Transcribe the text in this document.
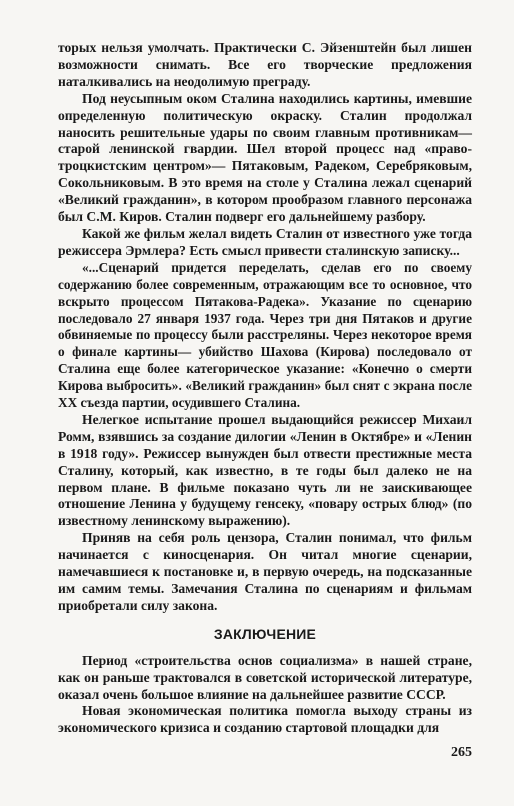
торых нельзя умолчать. Практически С. Эйзенштейн был лишен возможности снимать. Все его творческие предложения наталкивались на неодолимую преграду.

Под неусыпным оком Сталина находились картины, имевшие определенную политическую окраску. Сталин продолжал наносить решительные удары по своим главным противникам— старой ленинской гвардии. Шел второй процесс над «право-троцкистским центром»— Пятаковым, Радеком, Серебряковым, Сокольниковым. В это время на столе у Сталина лежал сценарий «Великий гражданин», в котором прообразом главного персонажа был С.М. Киров. Сталин подверг его дальнейшему разбору.

Какой же фильм желал видеть Сталин от известного уже тогда режиссера Эрмлера? Есть смысл привести сталинскую записку...

«...Сценарий придется переделать, сделав его по своему содержанию более современным, отражающим все то основное, что вскрыто процессом Пятакова-Радека». Указание по сценарию последовало 27 января 1937 года. Через три дня Пятаков и другие обвиняемые по процессу были расстреляны. Через некоторое время о финале картины— убийство Шахова (Кирова) последовало от Сталина еще более категорическое указание: «Конечно о смерти Кирова выбросить». «Великий гражданин» был снят с экрана после XX съезда партии, осудившего Сталина.

Нелегкое испытание прошел выдающийся режиссер Михаил Ромм, взявшись за создание дилогии «Ленин в Октябре» и «Ленин в 1918 году». Режиссер вынужден был отвести престижные места Сталину, который, как известно, в те годы был далеко не на первом плане. В фильме показано чуть ли не заискивающее отношение Ленина у будущему генсеку, «повару острых блюд» (по известному ленинскому выражению).

Приняв на себя роль цензора, Сталин понимал, что фильм начинается с киносценария. Он читал многие сценарии, намечавшиеся к постановке и, в первую очередь, на подсказанные им самим темы. Замечания Сталина по сценариям и фильмам приобретали силу закона.

ЗАКЛЮЧЕНИЕ

Период «строительства основ социализма» в нашей стране, как он раньше трактовался в советской исторической литературе, оказал очень большое влияние на дальнейшее развитие СССР.

Новая экономическая политика помогла выходу страны из экономического кризиса и созданию стартовой площадки для

265
